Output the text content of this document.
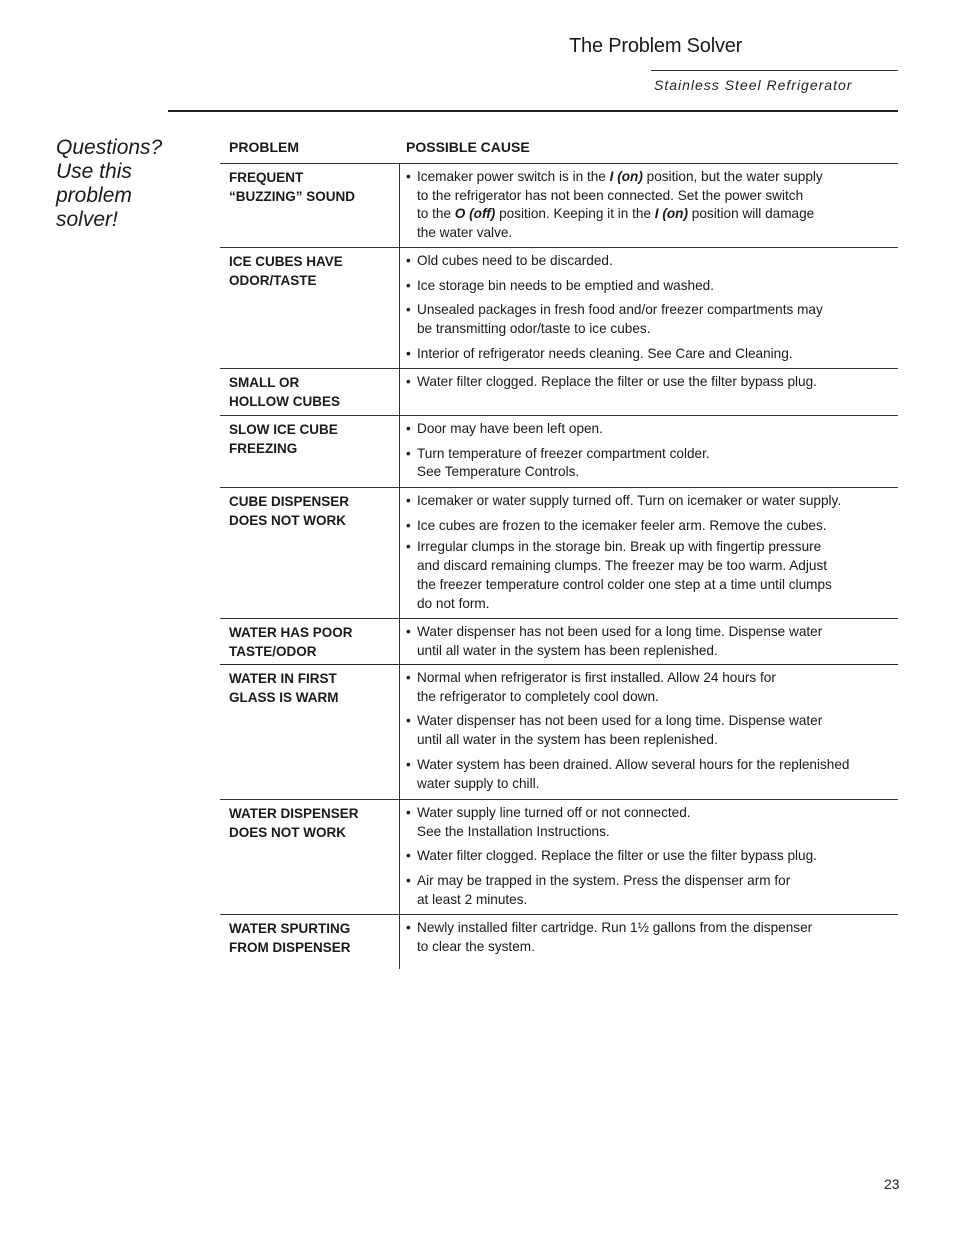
The Problem Solver
Stainless Steel Refrigerator
Questions?
Use this
problem
solver!
PROBLEM	POSSIBLE CAUSE
FREQUENT
“BUZZING” SOUND
• Icemaker power switch is in the I (on) position, but the water supply
to the refrigerator has not been connected. Set the power switch
to the O (off) position. Keeping it in the I (on) position will damage
the water valve.
ICE CUBES HAVE
ODOR/TASTE
• Old cubes need to be discarded.
• Ice storage bin needs to be emptied and washed.
• Unsealed packages in fresh food and/or freezer compartments may
be transmitting odor/taste to ice cubes.
• Interior of refrigerator needs cleaning. See Care and Cleaning.
SMALL OR
HOLLOW CUBES
• Water filter clogged. Replace the filter or use the filter bypass plug.
SLOW ICE CUBE
FREEZING
• Door may have been left open.
• Turn temperature of freezer compartment colder.
See Temperature Controls.
CUBE DISPENSER
DOES NOT WORK
• Icemaker or water supply turned off. Turn on icemaker or water supply.
• Ice cubes are frozen to the icemaker feeler arm. Remove the cubes.
• Irregular clumps in the storage bin. Break up with fingertip pressure
and discard remaining clumps. The freezer may be too warm. Adjust
the freezer temperature control colder one step at a time until clumps
do not form.
WATER HAS POOR
TASTE/ODOR
• Water dispenser has not been used for a long time. Dispense water
until all water in the system has been replenished.
WATER IN FIRST
GLASS IS WARM
• Normal when refrigerator is first installed. Allow 24 hours for
the refrigerator to completely cool down.
• Water dispenser has not been used for a long time. Dispense water
until all water in the system has been replenished.
• Water system has been drained. Allow several hours for the replenished
water supply to chill.
WATER DISPENSER
DOES NOT WORK
• Water supply line turned off or not connected.
See the Installation Instructions.
• Water filter clogged. Replace the filter or use the filter bypass plug.
• Air may be trapped in the system. Press the dispenser arm for
at least 2 minutes.
WATER SPURTING
FROM DISPENSER
• Newly installed filter cartridge. Run 1½ gallons from the dispenser
to clear the system.
23
